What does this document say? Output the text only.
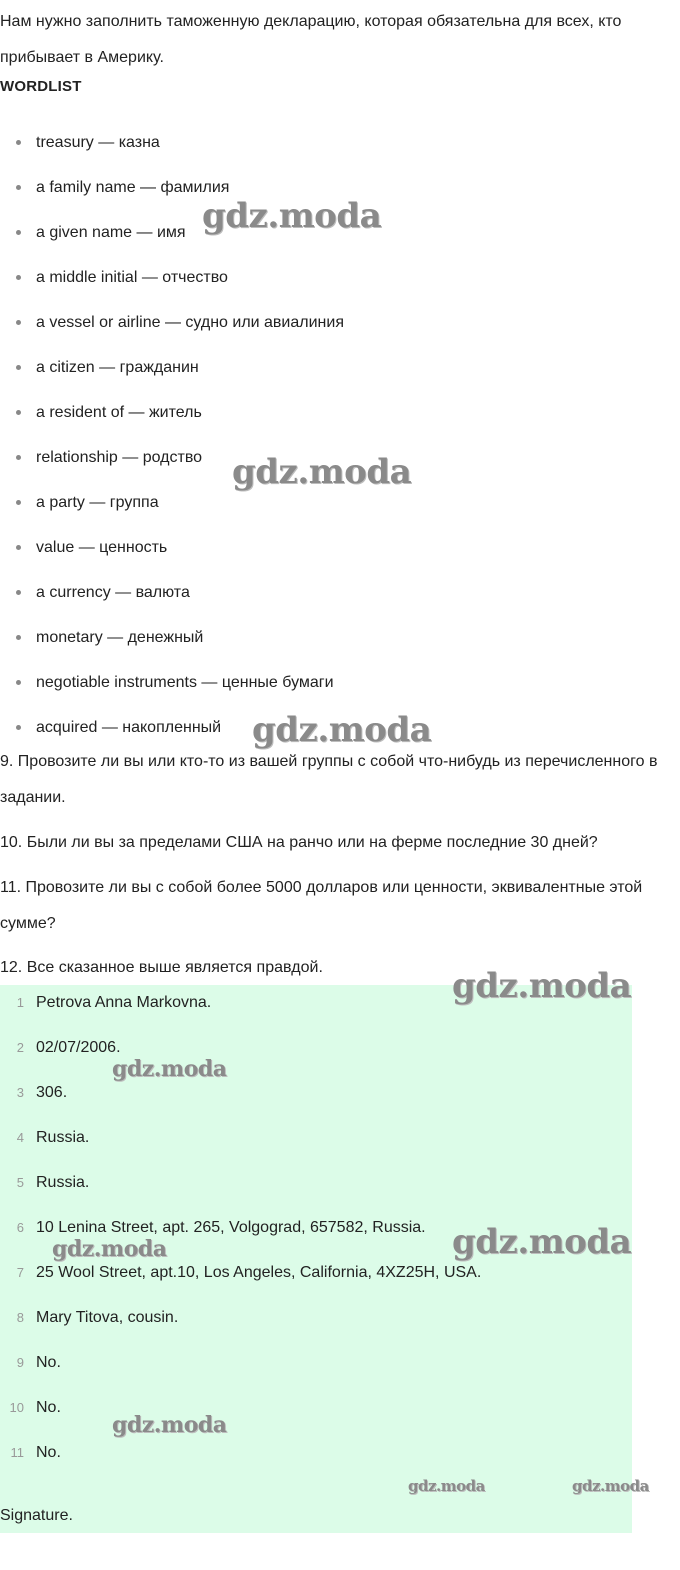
Нам нужно заполнить таможенную декларацию, которая обязательна для всех, кто прибывает в Америку.

WORDLIST

treasury — казна
a family name — фамилия
a given name — имя
a middle initial — отчество
a vessel or airline — судно или авиалиния
a citizen — гражданин
a resident of — житель
relationship — родство
a party — группа
value — ценность
a currency — валюта
monetary — денежный
negotiable instruments — ценные бумаги
acquired — накопленный

9. Провозите ли вы или кто-то из вашей группы с собой что-нибудь из перечисленного в задании.

10. Были ли вы за пределами США на ранчо или на ферме последние 30 дней?

11. Провозите ли вы с собой более 5000 долларов или ценности, эквивалентные этой сумме?

12. Все сказанное выше является правдой.

1 Petrova Anna Markovna.
2 02/07/2006.
3 306.
4 Russia.
5 Russia.
6 10 Lenina Street, apt. 265, Volgograd, 657582, Russia.
7 25 Wool Street, apt.10, Los Angeles, California, 4XZ25H, USA.
8 Mary Titova, cousin.
9 No.
10 No.
11 No.
Signature.
gdz.moda
gdz.moda
gdz.moda
gdz.moda
gdz.moda
gdz.moda
gdz.moda
gdz.moda
gdz.moda	gdz.moda
